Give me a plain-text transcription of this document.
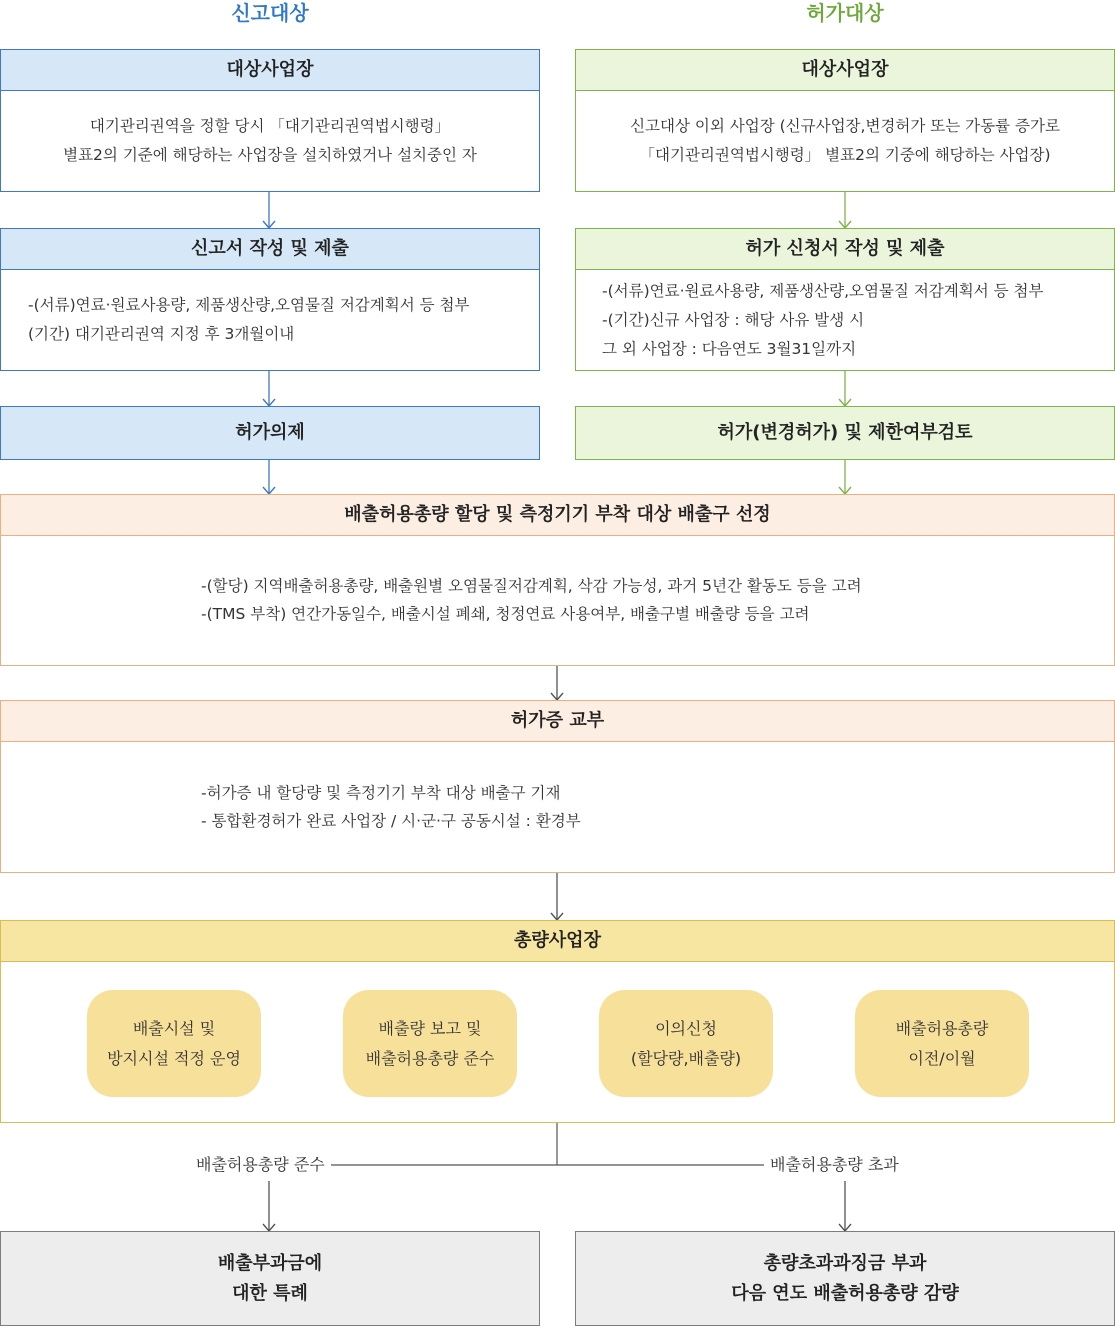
신고대상	허가대상
대상사업장
대기관리권역을 정할 당시 「대기관리권역법시행령」
별표2의 기준에 해당하는 사업장을 설치하였거나 설치중인 자
대상사업장
신고대상 이외 사업장 (신규사업장,변경허가 또는 가동률 증가로
「대기관리권역법시행령」 별표2의 기중에 해당하는 사업장)
신고서 작성 및 제출
-(서류)연료·원료사용량, 제품생산량,오염물질 저감계획서 등 첨부
(기간) 대기관리권역 지정 후 3개월이내
허가 신청서 작성 및 제출
-(서류)연료·원료사용량, 제품생산량,오염물질 저감계획서 등 첨부
-(기간)신규 사업장 : 해당 사유 발생 시
그 외 사업장 : 다음연도 3월31일까지
허가의제	허가(변경허가) 및 제한여부검토
배출허용총량 할당 및 측정기기 부착 대상 배출구 선정
-(할당) 지역배출허용총량, 배출원별 오염물질저감계획, 삭감 가능성, 과거 5년간 활동도 등을 고려
-(TMS 부착) 연간가동일수, 배출시설 폐쇄, 청정연료 사용여부, 배출구별 배출량 등을 고려
허가증 교부
-허가증 내 할당량 및 측정기기 부착 대상 배출구 기재
- 통합환경허가 완료 사업장 / 시·군·구 공동시설 : 환경부
총량사업장
배출시설 및
방지시설 적정 운영
배출량 보고 및
배출허용총량 준수
이의신청
(할당량,배출량)
배출허용총량
이전/이월
배출허용총량 준수	배출허용총량 초과
배출부과금에
대한 특례
총량초과과징금 부과
다음 연도 배출허용총량 감량
